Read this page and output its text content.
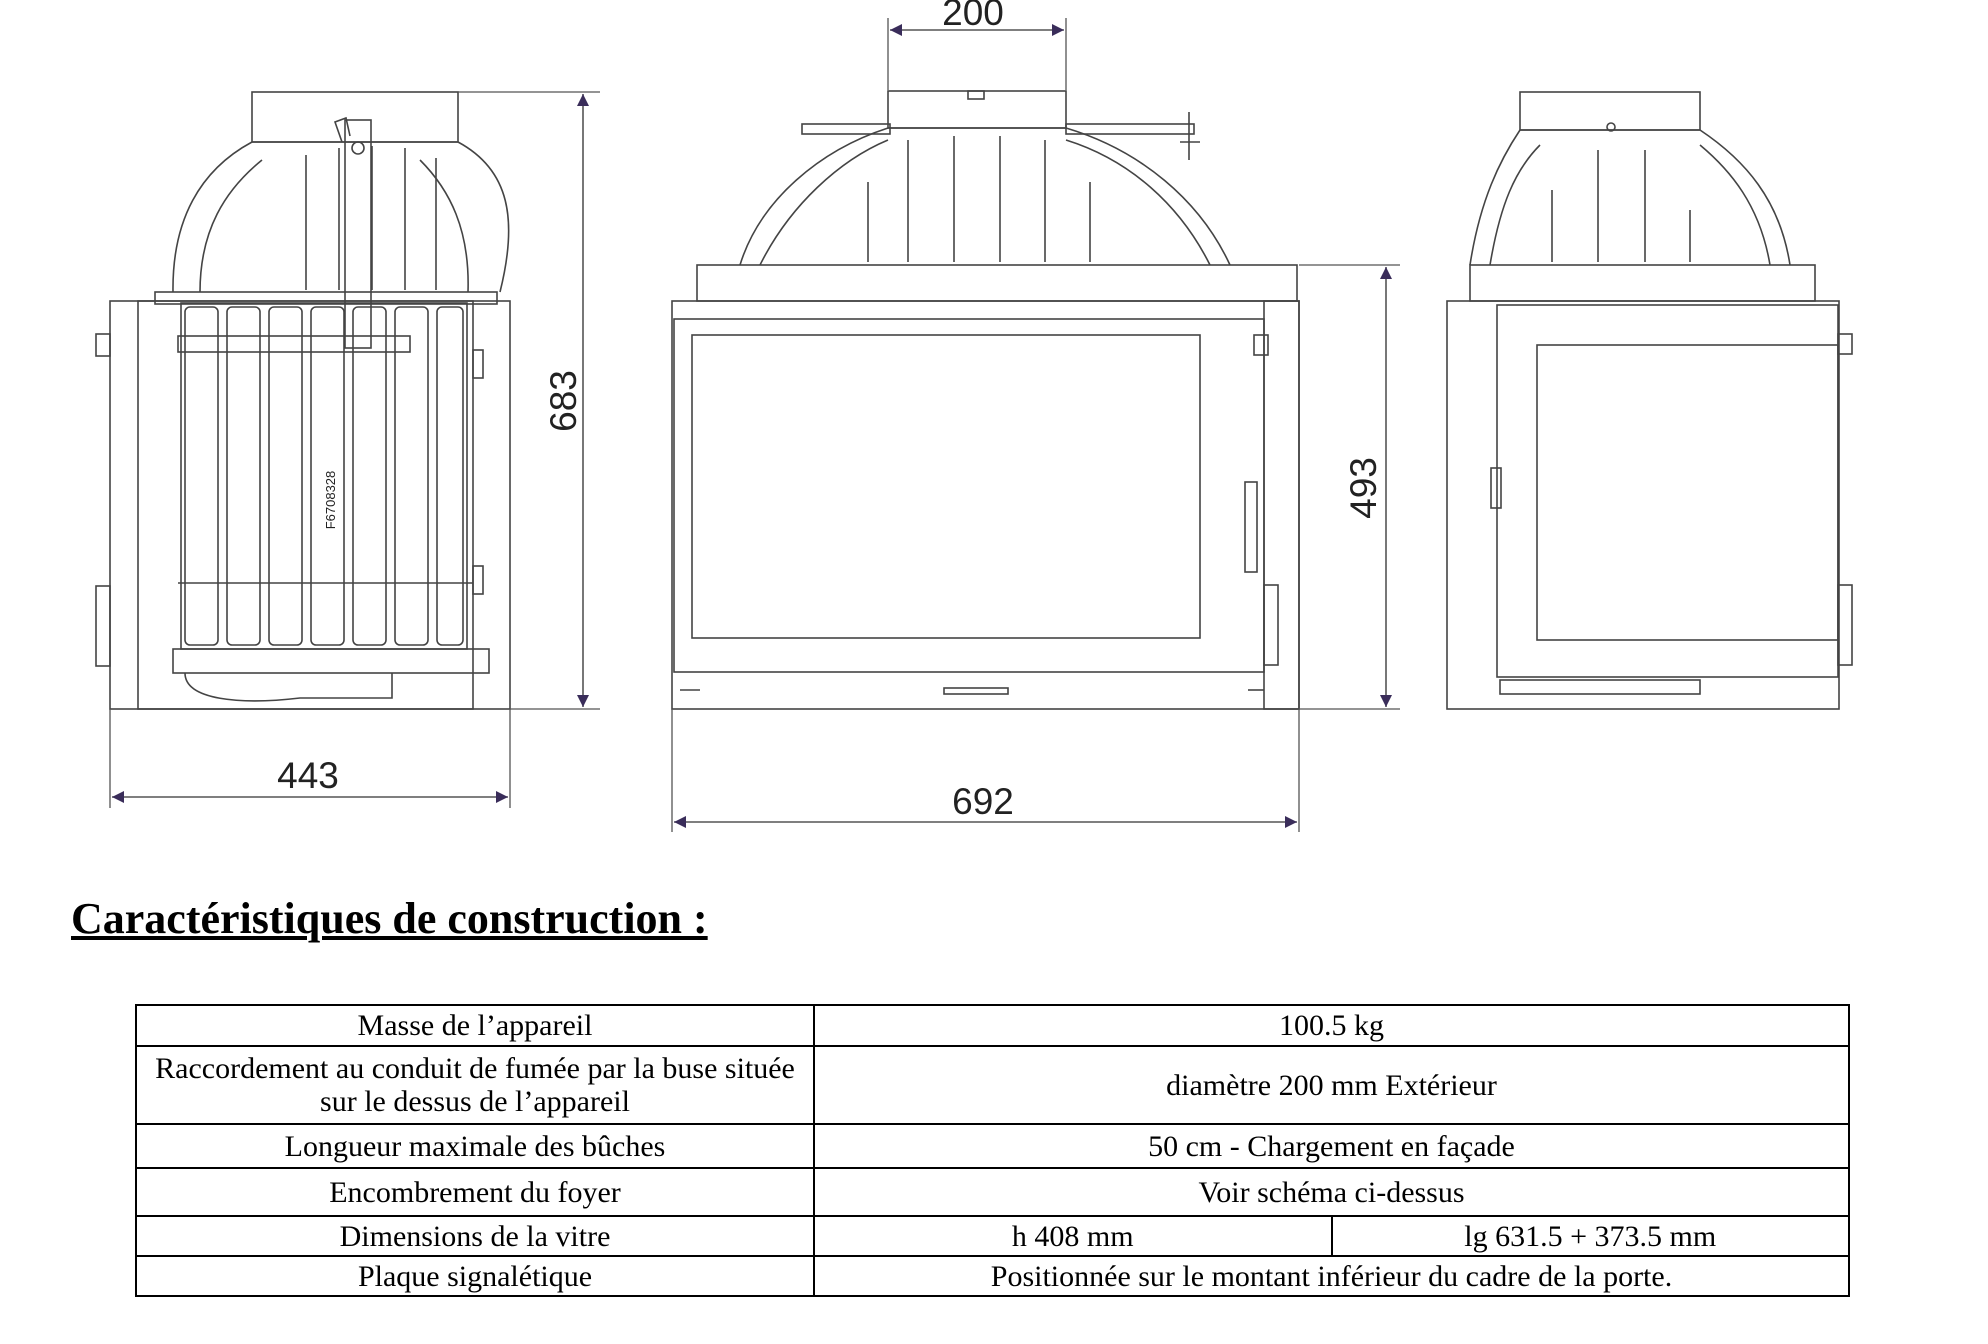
F6708328
200
683
493
443
692
Caractéristiques de construction :
Masse de l’appareil	100.5 kg	
Raccordement au conduit de fumée par la buse située sur le dessus de l’appareil	diamètre 200 mm Extérieur	
Longueur maximale des bûches	50 cm - Chargement en façade	
Encombrement du foyer	Voir schéma ci-dessus	
Dimensions de la vitre	h 408 mm	lg 631.5 + 373.5 mm
Plaque signalétique	Positionnée sur le montant inférieur du cadre de la porte.	
